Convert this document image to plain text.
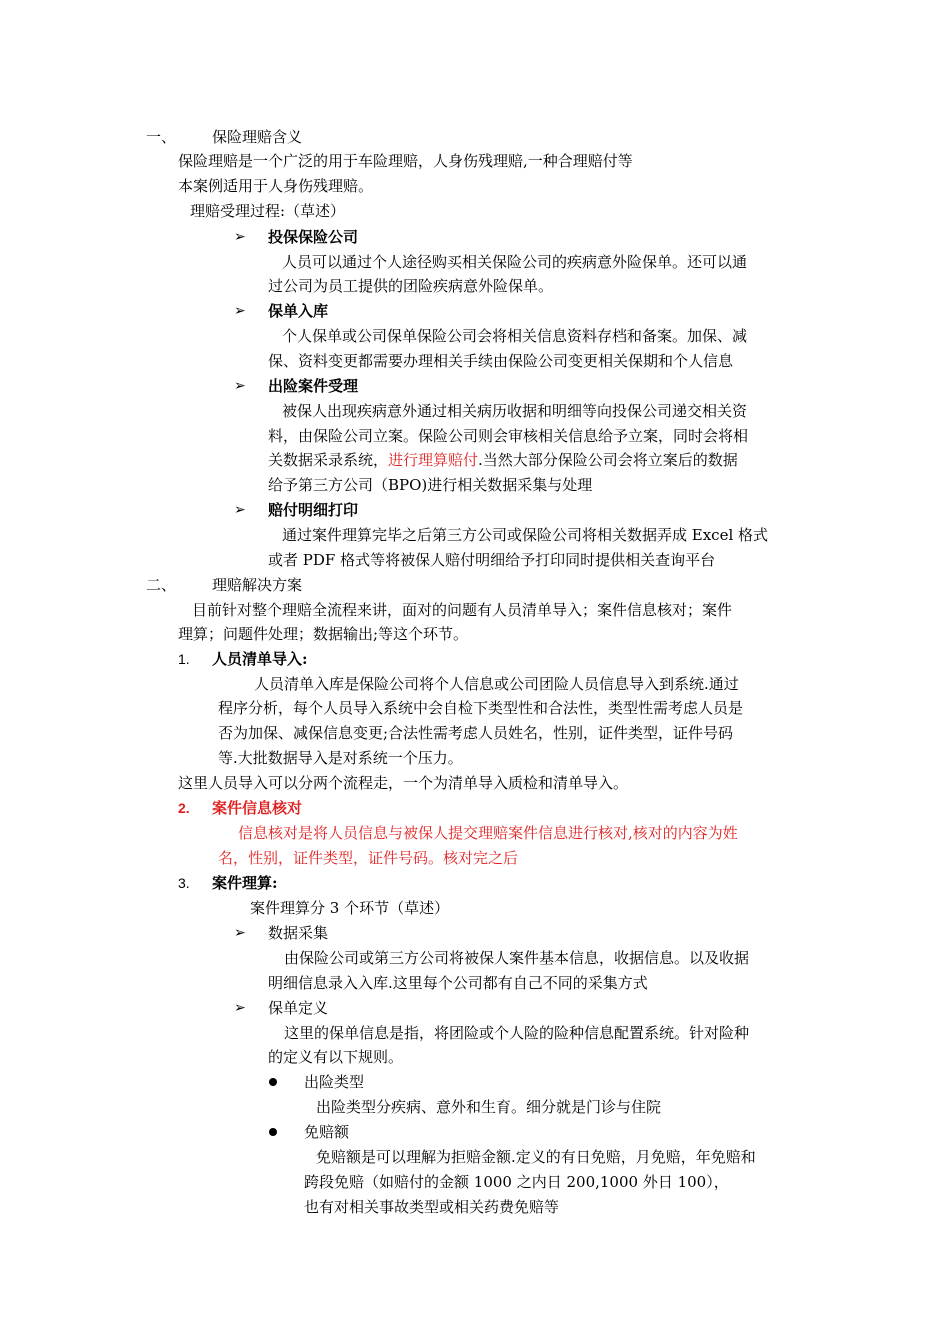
一、 保险理赔含义
保险理赔是一个广泛的用于车险理赔，人身伤残理赔,一种合理赔付等
本案例适用于人身伤残理赔。
理赔受理过程:（草述）
➢ 投保保险公司
人员可以通过个人途径购买相关保险公司的疾病意外险保单。还可以通
过公司为员工提供的团险疾病意外险保单。
➢ 保单入库
个人保单或公司保单保险公司会将相关信息资料存档和备案。加保、减
保、资料变更都需要办理相关手续由保险公司变更相关保期和个人信息
➢ 出险案件受理
被保人出现疾病意外通过相关病历收据和明细等向投保公司递交相关资
料，由保险公司立案。保险公司则会审核相关信息给予立案，同时会将相
关数据采录系统，进行理算赔付.当然大部分保险公司会将立案后的数据
给予第三方公司（BPO)进行相关数据采集与处理
➢ 赔付明细打印
通过案件理算完毕之后第三方公司或保险公司将相关数据弄成 Excel 格式
或者 PDF 格式等将被保人赔付明细给予打印同时提供相关查询平台
二、 理赔解决方案
目前针对整个理赔全流程来讲，面对的问题有人员清单导入；案件信息核对；案件
理算；问题件处理；数据输出;等这个环节。
1. 人员清单导入:
人员清单入库是保险公司将个人信息或公司团险人员信息导入到系统.通过
程序分析，每个人员导入系统中会自检下类型性和合法性，类型性需考虑人员是
否为加保、减保信息变更;合法性需考虑人员姓名，性别，证件类型，证件号码
等.大批数据导入是对系统一个压力。
这里人员导入可以分两个流程走，一个为清单导入质检和清单导入。
2. 案件信息核对
信息核对是将人员信息与被保人提交理赔案件信息进行核对,核对的内容为姓
名，性别，证件类型，证件号码。核对完之后
3. 案件理算:
案件理算分 3 个环节（草述）
➢ 数据采集
由保险公司或第三方公司将被保人案件基本信息，收据信息。以及收据
明细信息录入入库.这里每个公司都有自己不同的采集方式
➢ 保单定义
这里的保单信息是指，将团险或个人险的险种信息配置系统。针对险种
的定义有以下规则。
出险类型
出险类型分疾病、意外和生育。细分就是门诊与住院
免赔额
免赔额是可以理解为拒赔金额.定义的有日免赔，月免赔，年免赔和
跨段免赔（如赔付的金额 1000 之内日 200,1000 外日 100），
也有对相关事故类型或相关药费免赔等
